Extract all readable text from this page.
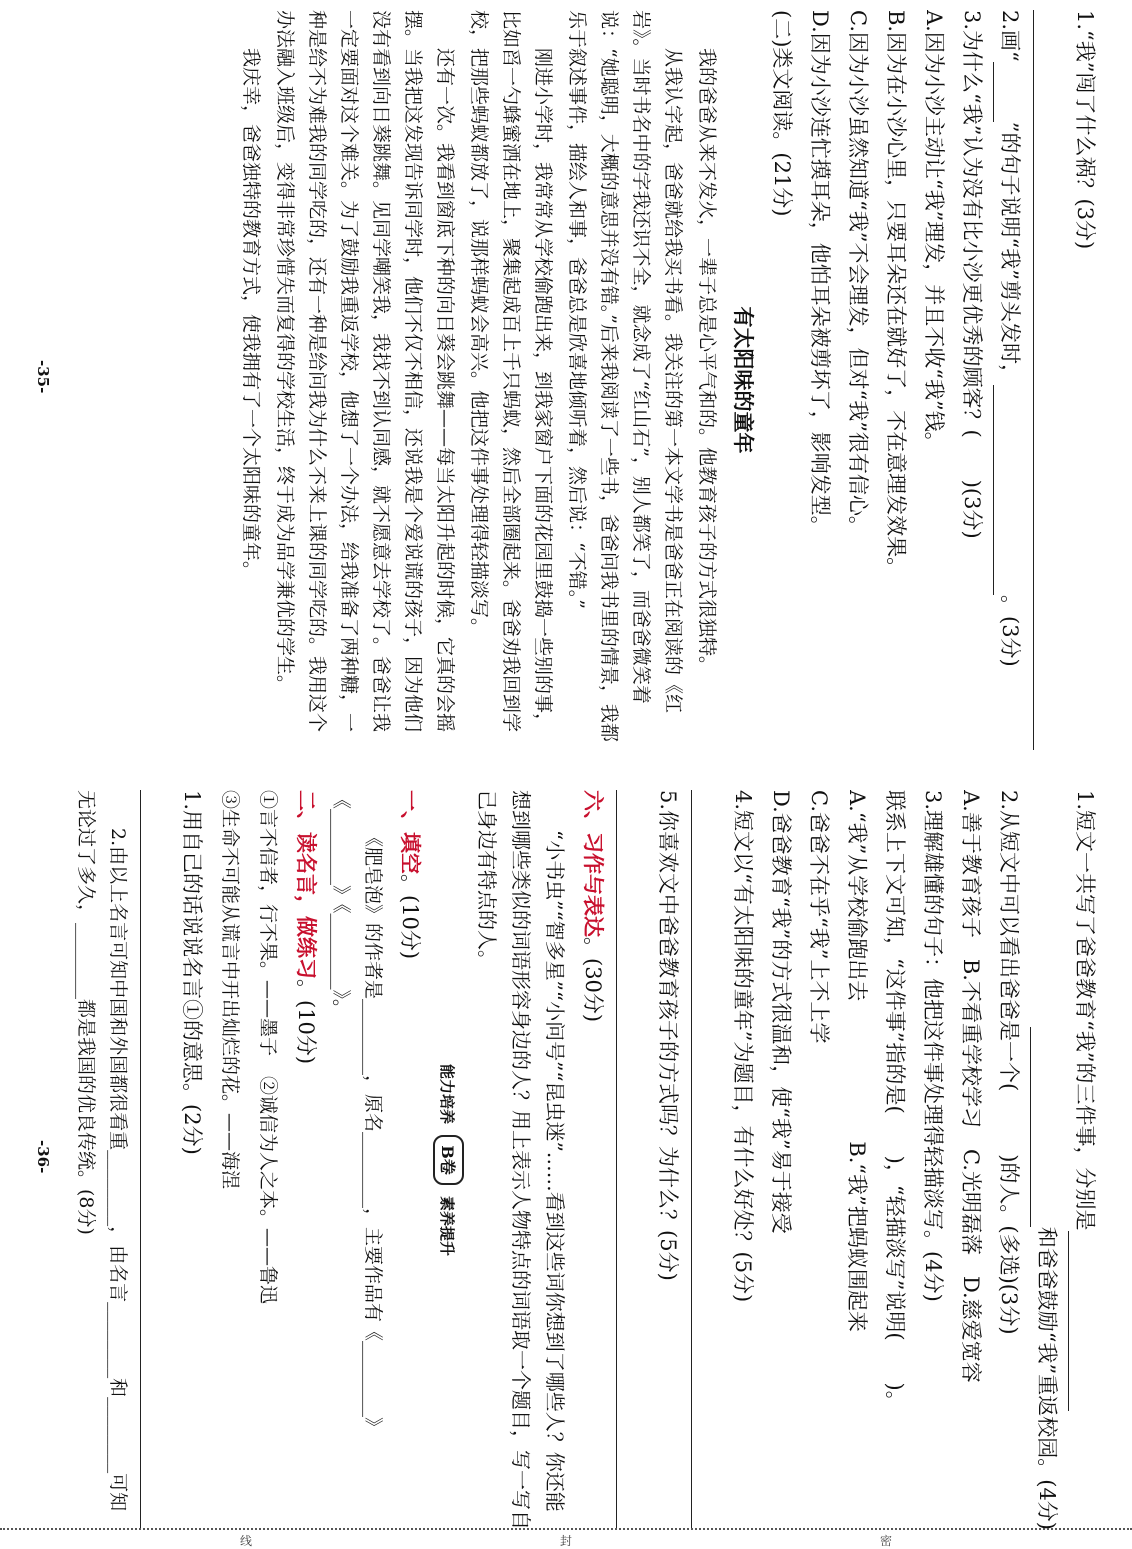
1.“我”闯了什么祸？(3分)
2.画“”的句子说明“我”剪头发时，。(3分)
3.为什么“我”认为没有比小沙更优秀的顾客？(　　)(3分)
A.因为小沙主动让“我”理发，并且不收“我”钱。
B.因为在小沙心里，只要耳朵还在就好了，不在意理发效果。
C.因为小沙虽然知道“我”不会理发，但对“我”很有信心。
D.因为小沙连忙摸耳朵，他怕耳朵被剪坏了，影响发型。
(二)类文阅读。(21分)
有太阳味的童年
我的爸爸从来不发火，一辈子总是心平气和的。他教育孩子的方式很独特。
从我认字起，爸爸就给我买书看。我关注的第一本文学书是爸爸正在阅读的《红岩》。当时书名中的字我还识不全，就念成了“红山石”，别人都笑了，而爸爸微笑着说：“她聪明，大概的意思并没有错。”后来我阅读了一些书，爸爸问我书里的情景，我都乐于叙述事件，描绘人和事，爸爸总是欣喜地倾听着，然后说：“不错。”
刚进小学时，我常常从学校偷跑出来，到我家窗户下面的花园里鼓捣一些别的事，比如舀一勺蜂蜜洒在地上，聚集起成百上千只蚂蚁，然后全部圈起来。爸爸劝我回到学校，把那些蚂蚁都放了，说那样蚂蚁会高兴。他把这件事处理得轻描淡写。
还有一次。我看到窗底下种的向日葵会跳舞——每当太阳升起的时候，它真的会摇摆。当我把这发现告诉同学时，他们不仅不相信，还说我是个爱说谎的孩子，因为他们没有看到向日葵跳舞。见同学嘲笑我，我找不到认同感，就不愿意去学校了。爸爸让我一定要面对这个难关。为了鼓励我重返学校，他想了一个办法，给我准备了两种糖，一种是给不为难我的同学吃的，还有一种是给问我为什么不来上课的同学吃的。我用这个办法融入班级后，变得非常珍惜失而复得的学校生活，终于成为品学兼优的学生。
我庆幸，爸爸独特的教育方式，使我拥有了一个太阳味的童年。
-35-
1.短文一共写了爸爸教育“我”的三件事，分别是
和爸爸鼓励“我”重返校园。(4分)
2.从短文中可以看出爸爸是一个(　　　)的人。(多选)(3分)
A.善于教育孩子　B.不看重学校学习　C.光明磊落　D.慈爱宽容
3.理解雄懂的句子：他把这件事处理得轻描淡写。(4分)
联系上下文可知，“这件事”指的是(　　)，“轻描淡写”说明(　　)。
A.“我”从学校偷跑出去B.“我”把蚂蚁围起来
C.爸爸不在乎“我”上不上学
D.爸爸教育“我”的方式很温和，使“我”易于接受
4.短文以“有太阳味的童年”为题目，有什么好处？(5分)
5.你喜欢文中爸爸教育孩子的方式吗？为什么？(5分)
六、习作与表达。(30分)
“小书虫”“智多星”“小问号”“昆虫迷”……看到这些词你想到了哪些人？你还能想到哪些类似的词语形容身边的人？用上表示人物特点的词语取一个题目，写一写自己身边有特点的人。
能力培养 B卷 素养提升
一、填空。(10分)
《肥皂泡》的作者是________，原名________，主要作品有《________》《________》《________》。
二、读名言，做练习。(10分)
①言不信者，行不果。——墨子②诚信为人之本。——鲁迅
③生命不可能从谎言中开出灿烂的花。——海涅
1.用自己的话说说名言①的意思。(2分)
2.由以上名言可知中国和外国都很看重________，由名言________和________可知无论过了多久，________都是我国的优良传统。(8分)
-36-
线	封	密
